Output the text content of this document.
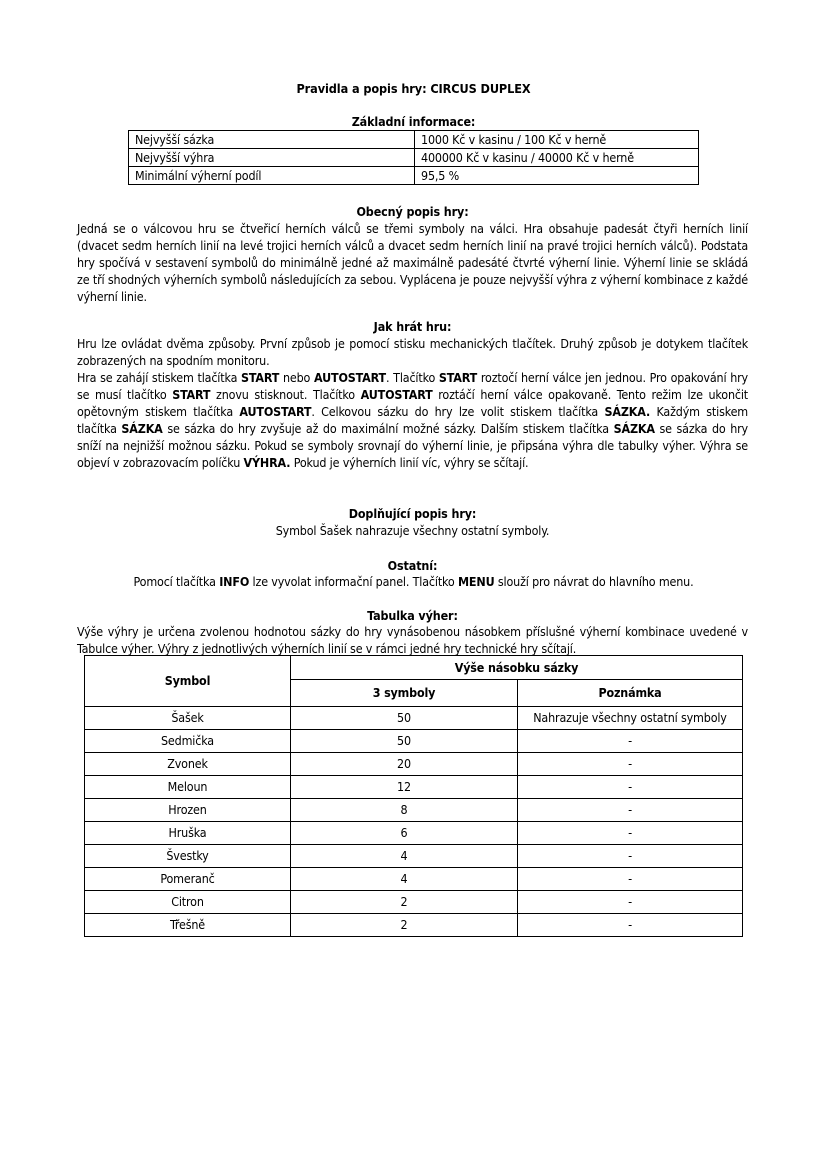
Pravidla a popis hry: CIRCUS DUPLEX
Základní informace:
Nejvyšší sázka	1000 Kč v kasinu / 100 Kč v herně
Nejvyšší výhra	400000 Kč v kasinu / 40000 Kč v herně
Minimální výherní podíl	95,5 %
Obecný popis hry:

Jedná se o válcovou hru se čtveřicí herních válců se třemi symboly na válci. Hra obsahuje padesát čtyři herních linií (dvacet sedm herních linií na levé trojici herních válců a dvacet sedm herních linií na pravé trojici herních válců). Podstata hry spočívá v sestavení symbolů do minimálně jedné až maximálně padesáté čtvrté výherní linie. Výherní linie se skládá ze tří shodných výherních symbolů následujících za sebou. Vyplácena je pouze nejvyšší výhra z výherní kombinace z každé výherní linie.

Jak hrát hru:

Hru lze ovládat dvěma způsoby. První způsob je pomocí stisku mechanických tlačítek. Druhý způsob je dotykem tlačítek zobrazených na spodním monitoru.

Hra se zahájí stiskem tlačítka START nebo AUTOSTART. Tlačítko START roztočí herní válce jen jednou. Pro opakování hry se musí tlačítko START znovu stisknout. Tlačítko AUTOSTART roztáčí herní válce opakovaně. Tento režim lze ukončit opětovným stiskem tlačítka AUTOSTART. Celkovou sázku do hry lze volit stiskem tlačítka SÁZKA. Každým stiskem tlačítka SÁZKA se sázka do hry zvyšuje až do maximální možné sázky. Dalším stiskem tlačítka SÁZKA se sázka do hry sníží na nejnižší možnou sázku. Pokud se symboly srovnají do výherní linie, je připsána výhra dle tabulky výher. Výhra se objeví v zobrazovacím políčku VÝHRA. Pokud je výherních linií víc, výhry se sčítají.

Doplňující popis hry:
Symbol Šašek nahrazuje všechny ostatní symboly.
Ostatní:
Pomocí tlačítka INFO lze vyvolat informační panel. Tlačítko MENU slouží pro návrat do hlavního menu.
Tabulka výher:
Výše výhry je určena zvolenou hodnotou sázky do hry vynásobenou násobkem příslušné výherní kombinace uvedené v Tabulce výher. Výhry z jednotlivých výherních linií se v rámci jedné hry technické hry sčítají.
Symbol	Výše násobku sázky	
	3 symboly	Poznámka
Šašek	50	Nahrazuje všechny ostatní symboly
Sedmička	50	-
Zvonek	20	-
Meloun	12	-
Hrozen	8	-
Hruška	6	-
Švestky	4	-
Pomeranč	4	-
Citron	2	-
Třešně	2	-
